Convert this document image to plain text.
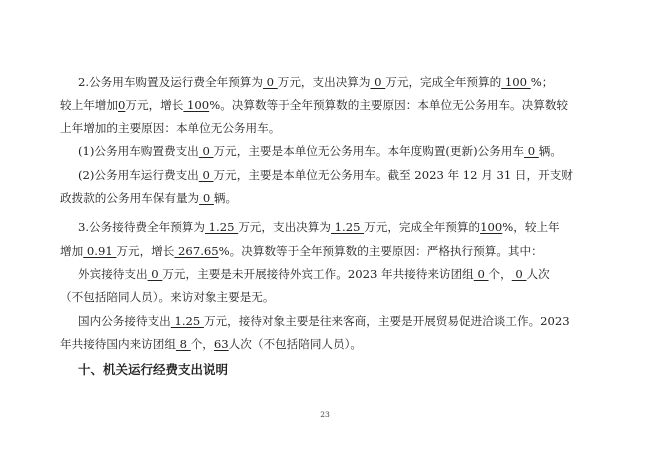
2.公务用车购置及运行费全年预算为 0 万元，支出决算为 0 万元，完成全年预算的 100 %；
较上年增加0万元，增长 100%。决算数等于全年预算数的主要原因：本单位无公务用车。决算数较
上年增加的主要原因：本单位无公务用车。
(1)公务用车购置费支出 0 万元，主要是本单位无公务用车。本年度购置(更新)公务用车 0 辆。
(2)公务用车运行费支出 0 万元，主要是本单位无公务用车。截至 2023 年 12 月 31 日，开支财
政拨款的公务用车保有量为 0 辆。
3.公务接待费全年预算为 1.25 万元，支出决算为 1.25 万元，完成全年预算的100%，较上年
增加 0.91 万元，增长 267.65%。决算数等于全年预算数的主要原因：严格执行预算。其中：
外宾接待支出 0 万元，主要是未开展接待外宾工作。2023 年共接待来访团组 0 个， 0 人次
（不包括陪同人员）。来访对象主要是无。
国内公务接待支出 1.25 万元，接待对象主要是往来客商，主要是开展贸易促进洽谈工作。2023
年共接待国内来访团组 8 个，63人次（不包括陪同人员）。
十、机关运行经费支出说明
23
